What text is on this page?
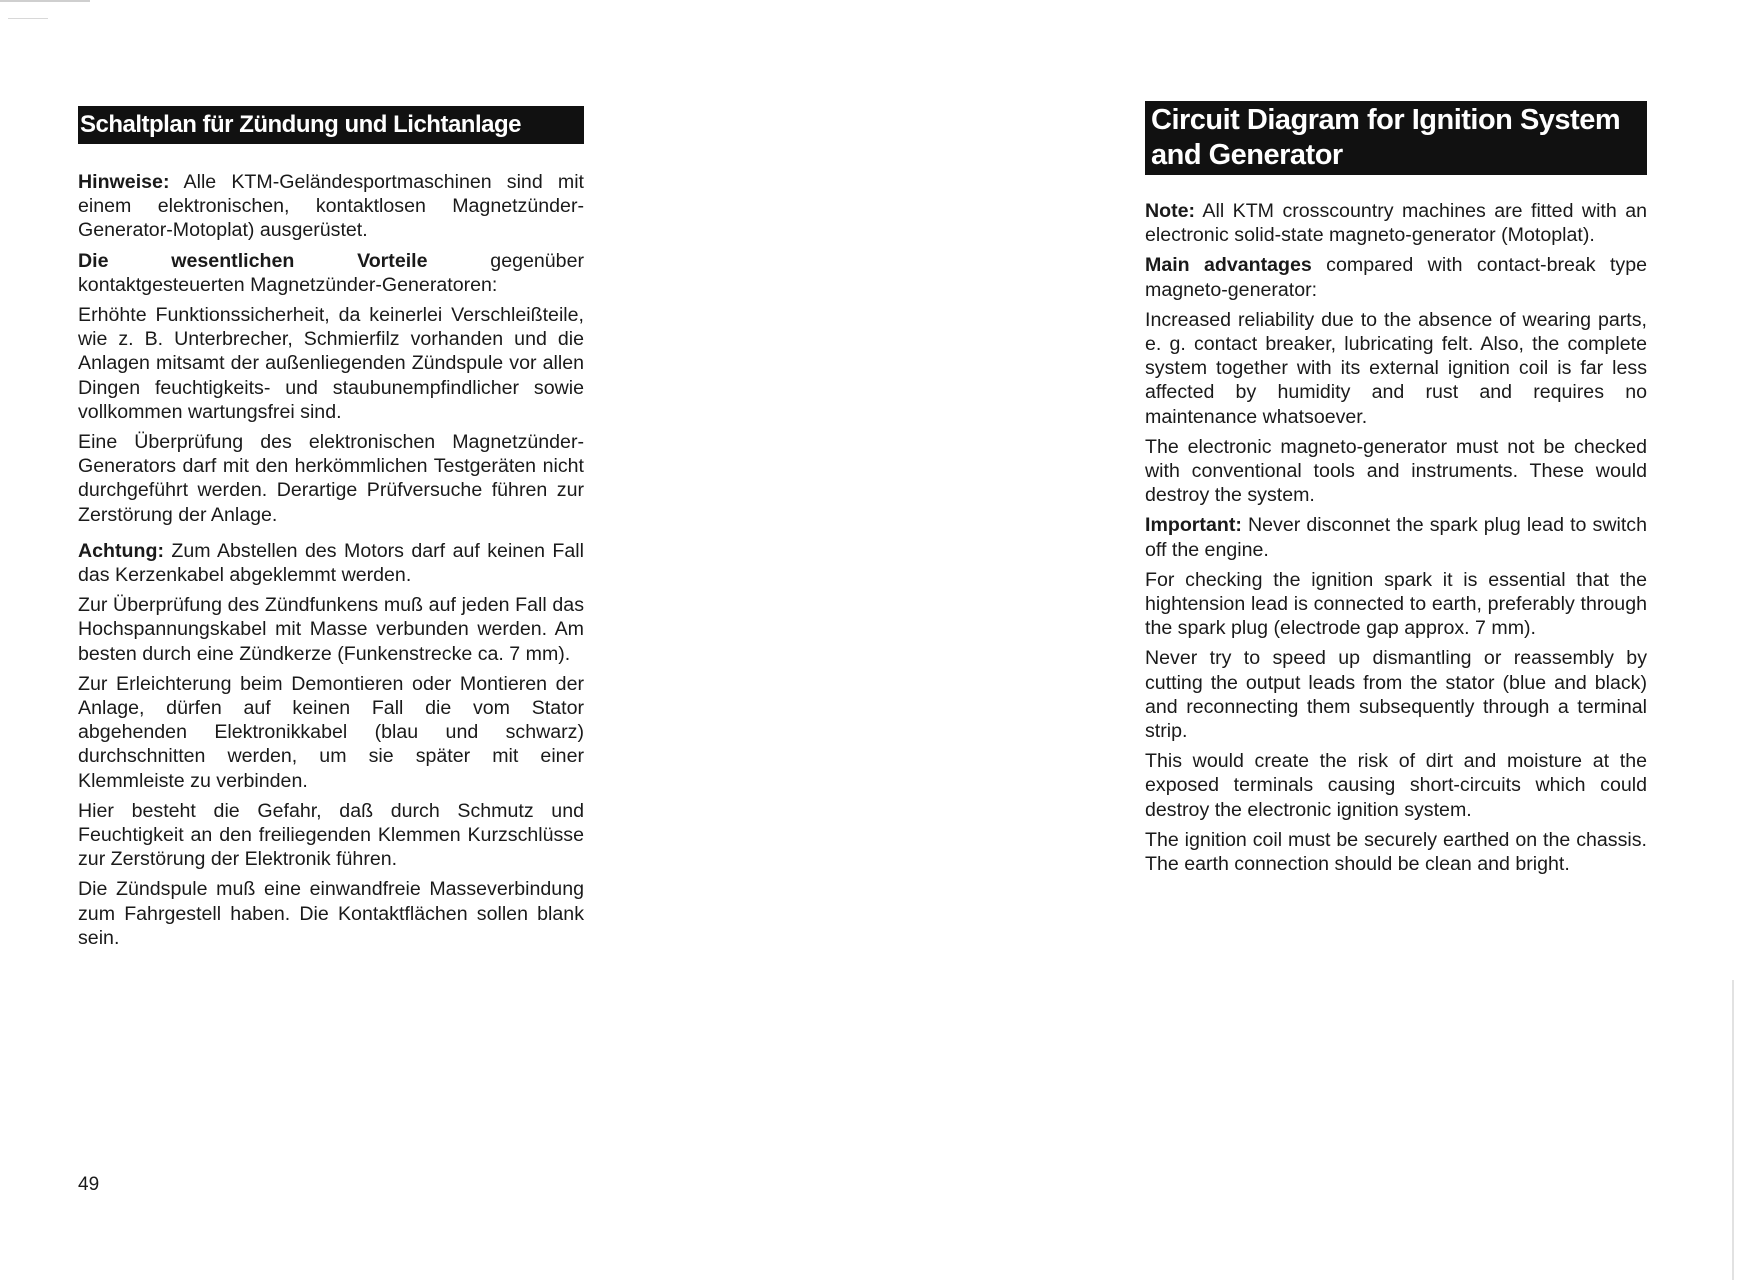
Schaltplan für Zündung und Lichtanlage

Hinweise: Alle KTM-Geländesportmaschinen sind mit einem elektronischen, kontaktlosen Magnetzünder-Generator-Motoplat) ausgerüstet.

Die wesentlichen Vorteile gegenüber kontaktgesteuerten Magnetzünder-Generatoren:

Erhöhte Funktionssicherheit, da keinerlei Verschleißteile, wie z. B. Unterbrecher, Schmierfilz vorhanden und die Anlagen mitsamt der außenliegenden Zündspule vor allen Dingen feuchtigkeits- und staubunempfindlicher sowie vollkommen wartungsfrei sind.

Eine Überprüfung des elektronischen Magnetzünder-Generators darf mit den herkömmlichen Testgeräten nicht durchgeführt werden. Derartige Prüfversuche führen zur Zerstörung der Anlage.

Achtung: Zum Abstellen des Motors darf auf keinen Fall das Kerzenkabel abgeklemmt werden.

Zur Überprüfung des Zündfunkens muß auf jeden Fall das Hochspannungskabel mit Masse verbunden werden. Am besten durch eine Zündkerze (Funkenstrecke ca. 7 mm).

Zur Erleichterung beim Demontieren oder Montieren der Anlage, dürfen auf keinen Fall die vom Stator abgehenden Elektronikkabel (blau und schwarz) durchschnitten werden, um sie später mit einer Klemmleiste zu verbinden.

Hier besteht die Gefahr, daß durch Schmutz und Feuchtigkeit an den freiliegenden Klemmen Kurzschlüsse zur Zerstörung der Elektronik führen.

Die Zündspule muß eine einwandfreie Masseverbindung zum Fahrgestell haben. Die Kontaktflächen sollen blank sein.

49
Circuit Diagram for Ignition System
and Generator

Note: All KTM crosscountry machines are fitted with an electronic solid-state magneto-generator (Motoplat).

Main advantages compared with contact-break type magneto-generator:

Increased reliability due to the absence of wearing parts, e. g. contact breaker, lubricating felt. Also, the complete system together with its external ignition coil is far less affected by humidity and rust and requires no maintenance whatsoever.

The electronic magneto-generator must not be checked with conventional tools and instruments. These would destroy the system.

Important: Never disconnet the spark plug lead to switch off the engine.

For checking the ignition spark it is essential that the hightension lead is connected to earth, preferably through the spark plug (electrode gap approx. 7 mm).

Never try to speed up dismantling or reassembly by cutting the output leads from the stator (blue and black) and reconnecting them subsequently through a terminal strip.

This would create the risk of dirt and moisture at the exposed terminals causing short-circuits which could destroy the electronic ignition system.

The ignition coil must be securely earthed on the chassis. The earth connection should be clean and bright.
